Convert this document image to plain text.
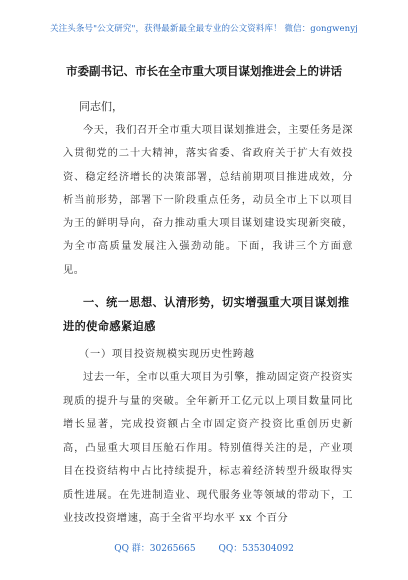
关注头条号"公文研究"，获得最新最全最专业的公文资料库！ 微信：gongwenyj
市委副书记、市长在全市重大项目谋划推进会上的讲话
同志们，
今天，我们召开全市重大项目谋划推进会，主要任务是深入贯彻党的二十大精神，落实省委、省政府关于扩大有效投资、稳定经济增长的决策部署，总结前期项目推进成效，分析当前形势，部署下一阶段重点任务，动员全市上下以项目为王的鲜明导向，奋力推动重大项目谋划建设实现新突破，为全市高质量发展注入强劲动能。下面，我讲三个方面意见。
一、统一思想、认清形势，切实增强重大项目谋划推进的使命感紧迫感
（一）项目投资规模实现历史性跨越
过去一年，全市以重大项目为引擎，推动固定资产投资实现质的提升与量的突破。全年新开工亿元以上项目数量同比增长显著，完成投资额占全市固定资产投资比重创历史新高，凸显重大项目压舱石作用。特别值得关注的是，产业项目在投资结构中占比持续提升，标志着经济转型升级取得实质性进展。在先进制造业、现代服务业等领域的带动下，工业技改投资增速，高于全省平均水平 xx 个百分
QQ 群：30265665	QQ：535304092
